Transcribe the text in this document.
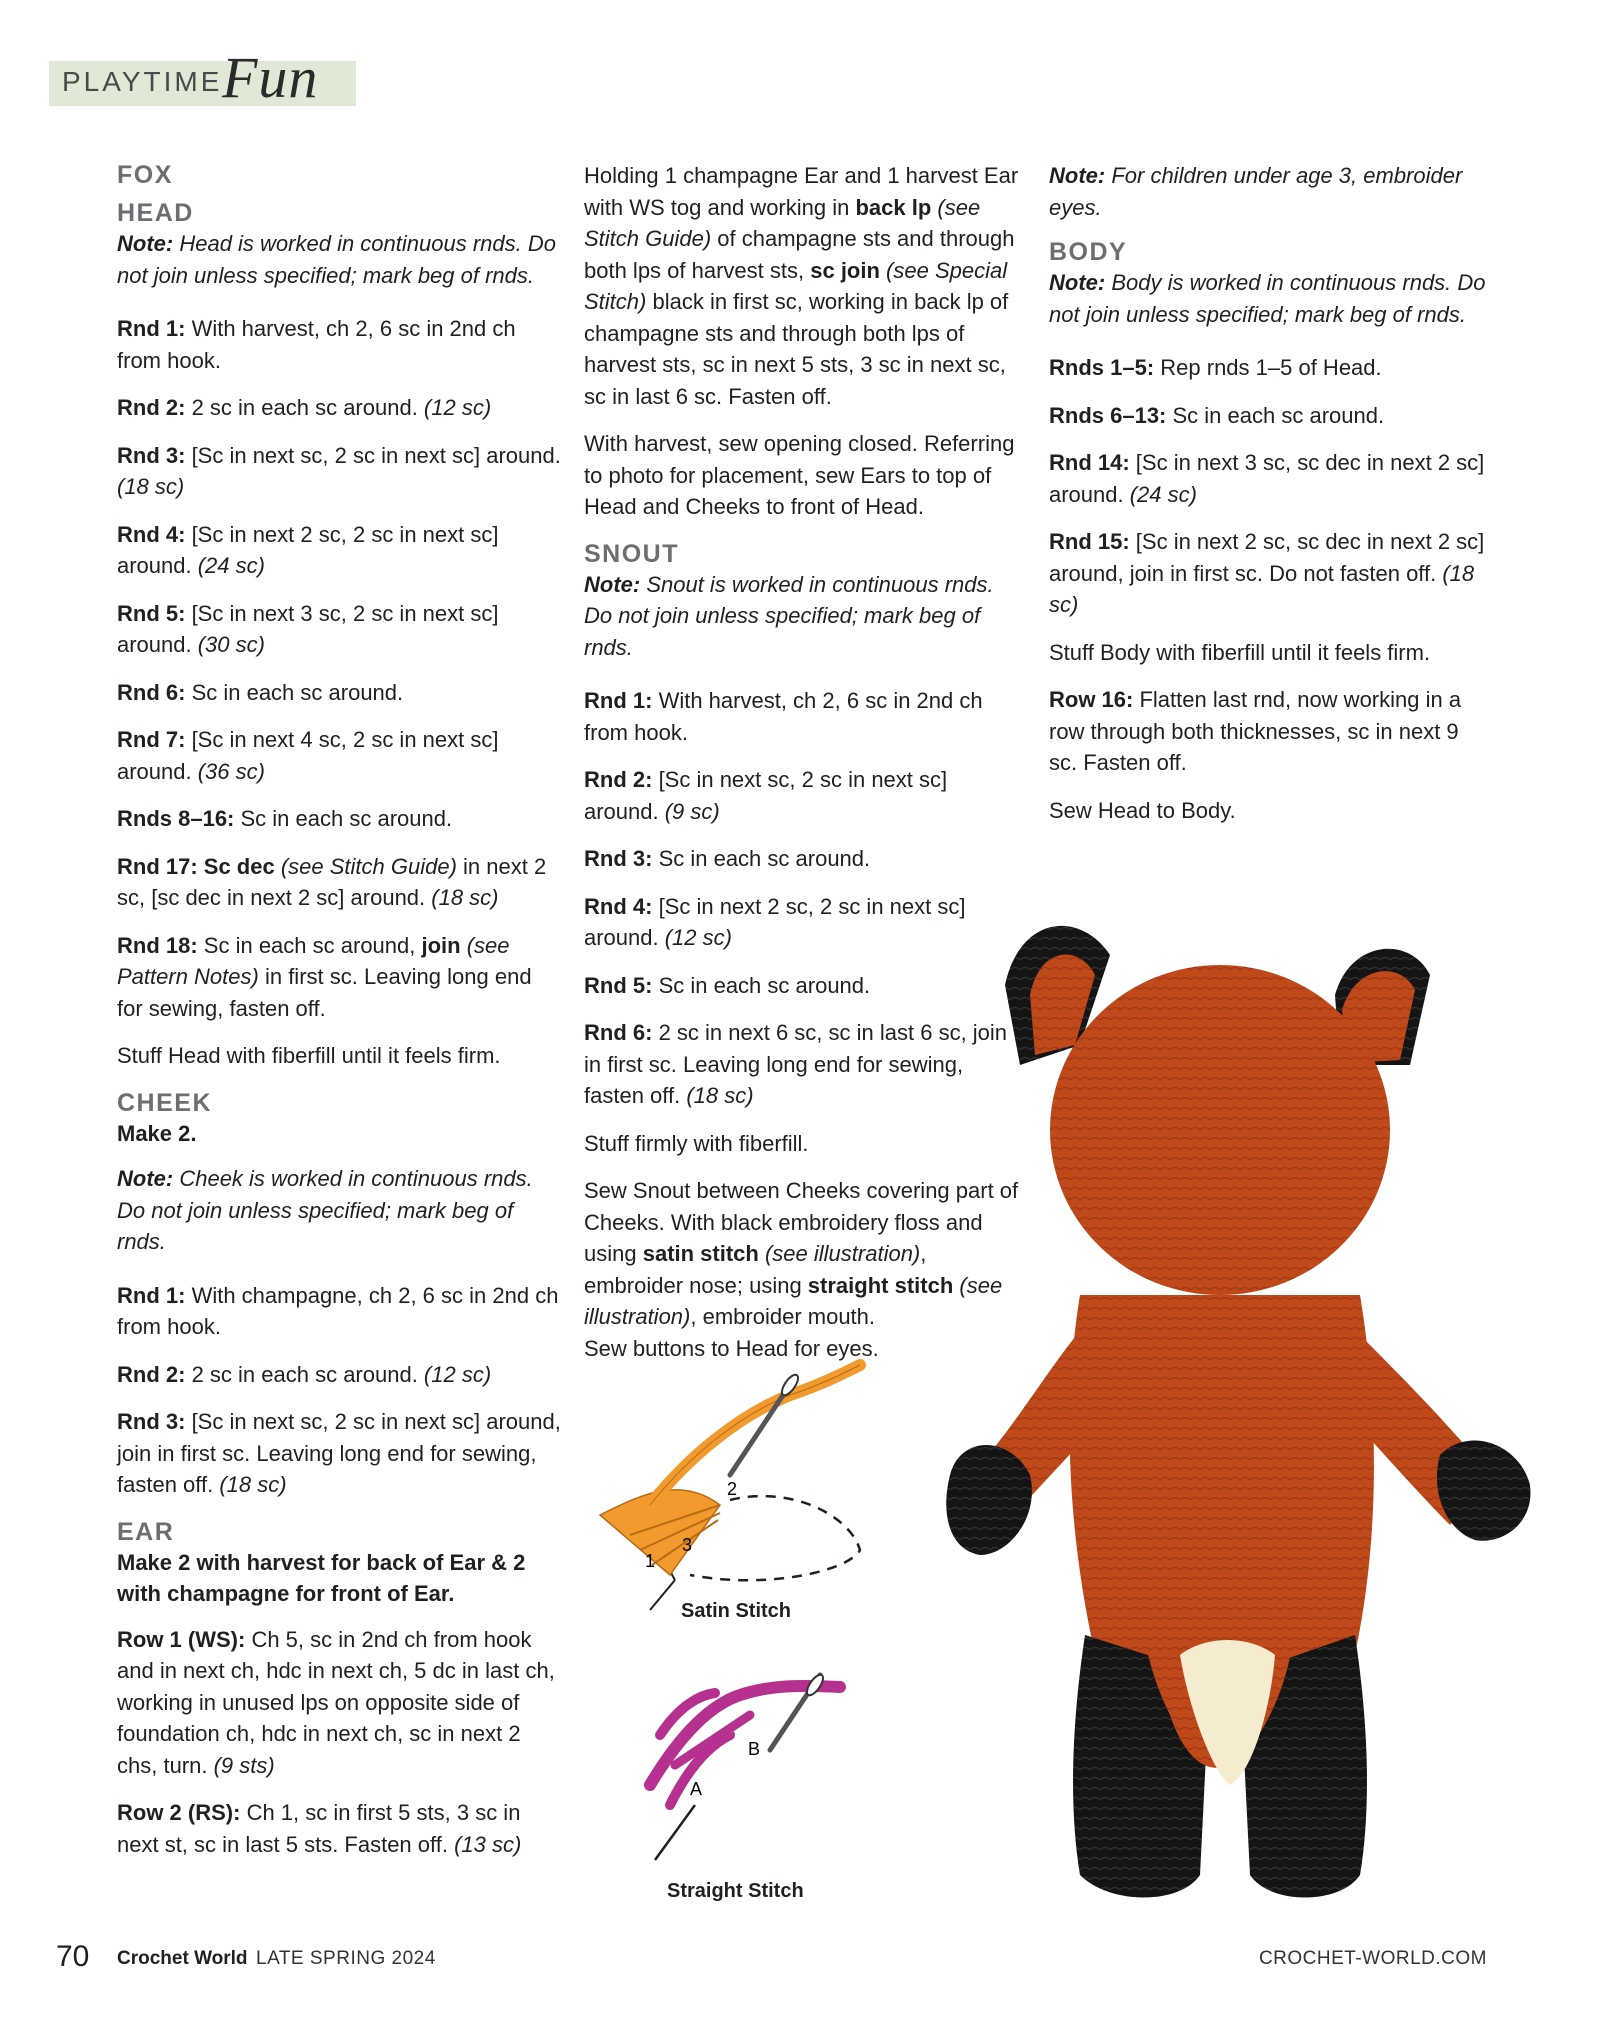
PLAYTIME Fun
FOX
HEAD

Note: Head is worked in continuous rnds. Do not join unless specified; mark beg of rnds.

Rnd 1: With harvest, ch 2, 6 sc in 2nd ch from hook.

Rnd 2: 2 sc in each sc around. (12 sc)

Rnd 3: [Sc in next sc, 2 sc in next sc] around. (18 sc)

Rnd 4: [Sc in next 2 sc, 2 sc in next sc] around. (24 sc)

Rnd 5: [Sc in next 3 sc, 2 sc in next sc] around. (30 sc)

Rnd 6: Sc in each sc around.

Rnd 7: [Sc in next 4 sc, 2 sc in next sc] around. (36 sc)

Rnds 8–16: Sc in each sc around.

Rnd 17: Sc dec (see Stitch Guide) in next 2 sc, [sc dec in next 2 sc] around. (18 sc)

Rnd 18: Sc in each sc around, join (see Pattern Notes) in first sc. Leaving long end for sewing, fasten off.

Stuff Head with fiberfill until it feels firm.

CHEEK

Make 2.

Note: Cheek is worked in continuous rnds. Do not join unless specified; mark beg of rnds.

Rnd 1: With champagne, ch 2, 6 sc in 2nd ch from hook.

Rnd 2: 2 sc in each sc around. (12 sc)

Rnd 3: [Sc in next sc, 2 sc in next sc] around, join in first sc. Leaving long end for sewing, fasten off. (18 sc)

EAR

Make 2 with harvest for back of Ear & 2 with champagne for front of Ear.

Row 1 (WS): Ch 5, sc in 2nd ch from hook and in next ch, hdc in next ch, 5 dc in last ch, working in unused lps on opposite side of foundation ch, hdc in next ch, sc in next 2 chs, turn. (9 sts)

Row 2 (RS): Ch 1, sc in first 5 sts, 3 sc in next st, sc in last 5 sts. Fasten off. (13 sc)

Holding 1 champagne Ear and 1 harvest Ear with WS tog and working in back lp (see Stitch Guide) of champagne sts and through both lps of harvest sts, sc join (see Special Stitch) black in first sc, working in back lp of champagne sts and through both lps of harvest sts, sc in next 5 sts, 3 sc in next sc, sc in last 6 sc. Fasten off.

With harvest, sew opening closed. Referring to photo for placement, sew Ears to top of Head and Cheeks to front of Head.

SNOUT

Note: Snout is worked in continuous rnds. Do not join unless specified; mark beg of rnds.

Rnd 1: With harvest, ch 2, 6 sc in 2nd ch from hook.

Rnd 2: [Sc in next sc, 2 sc in next sc] around. (9 sc)

Rnd 3: Sc in each sc around.

Rnd 4: [Sc in next 2 sc, 2 sc in next sc] around. (12 sc)

Rnd 5: Sc in each sc around.

Rnd 6: 2 sc in next 6 sc, sc in last 6 sc, join in first sc. Leaving long end for sewing, fasten off. (18 sc)

Stuff firmly with fiberfill.

Sew Snout between Cheeks covering part of Cheeks. With black embroidery floss and using satin stitch (see illustration), embroider nose; using straight stitch (see illustration), embroider mouth.

Sew buttons to Head for eyes.

2
3
1
Satin Stitch
A
B
Straight Stitch

Note: For children under age 3, embroider eyes.

BODY

Note: Body is worked in continuous rnds. Do not join unless specified; mark beg of rnds.

Rnds 1–5: Rep rnds 1–5 of Head.

Rnds 6–13: Sc in each sc around.

Rnd 14: [Sc in next 3 sc, sc dec in next 2 sc] around. (24 sc)

Rnd 15: [Sc in next 2 sc, sc dec in next 2 sc] around, join in first sc. Do not fasten off. (18 sc)

Stuff Body with fiberfill until it feels firm.

Row 16: Flatten last rnd, now working in a row through both thicknesses, sc in next 9 sc. Fasten off.

Sew Head to Body.

70 Crochet World LATE SPRING 2024	CROCHET-WORLD.COM
